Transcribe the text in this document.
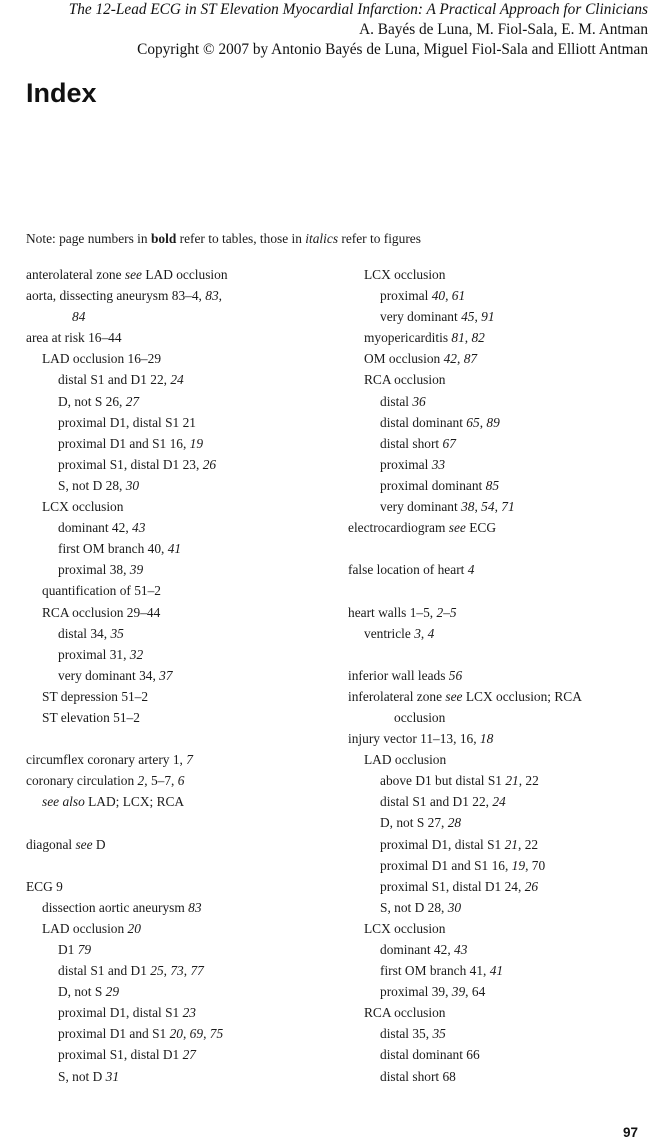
The 12-Lead ECG in ST Elevation Myocardial Infarction: A Practical Approach for Clinicians
A. Bayés de Luna, M. Fiol-Sala, E. M. Antman
Copyright © 2007 by Antonio Bayés de Luna, Miguel Fiol-Sala and Elliott Antman
Index
Note: page numbers in bold refer to tables, those in italics refer to figures
anterolateral zone see LAD occlusion
aorta, dissecting aneurysm 83–4, 83,
84
area at risk 16–44
LAD occlusion 16–29
distal S1 and D1 22, 24
D, not S 26, 27
proximal D1, distal S1 21
proximal D1 and S1 16, 19
proximal S1, distal D1 23, 26
S, not D 28, 30
LCX occlusion
dominant 42, 43
first OM branch 40, 41
proximal 38, 39
quantification of 51–2
RCA occlusion 29–44
distal 34, 35
proximal 31, 32
very dominant 34, 37
ST depression 51–2
ST elevation 51–2
circumflex coronary artery 1, 7
coronary circulation 2, 5–7, 6
see also LAD; LCX; RCA
diagonal see D
ECG 9
dissection aortic aneurysm 83
LAD occlusion 20
D1 79
distal S1 and D1 25, 73, 77
D, not S 29
proximal D1, distal S1 23
proximal D1 and S1 20, 69, 75
proximal S1, distal D1 27
S, not D 31
LCX occlusion
proximal 40, 61
very dominant 45, 91
myopericarditis 81, 82
OM occlusion 42, 87
RCA occlusion
distal 36
distal dominant 65, 89
distal short 67
proximal 33
proximal dominant 85
very dominant 38, 54, 71
electrocardiogram see ECG
false location of heart 4
heart walls 1–5, 2–5
ventricle 3, 4
inferior wall leads 56
inferolateral zone see LCX occlusion; RCA
occlusion
injury vector 11–13, 16, 18
LAD occlusion
above D1 but distal S1 21, 22
distal S1 and D1 22, 24
D, not S 27, 28
proximal D1, distal S1 21, 22
proximal D1 and S1 16, 19, 70
proximal S1, distal D1 24, 26
S, not D 28, 30
LCX occlusion
dominant 42, 43
first OM branch 41, 41
proximal 39, 39, 64
RCA occlusion
distal 35, 35
distal dominant 66
distal short 68
97
